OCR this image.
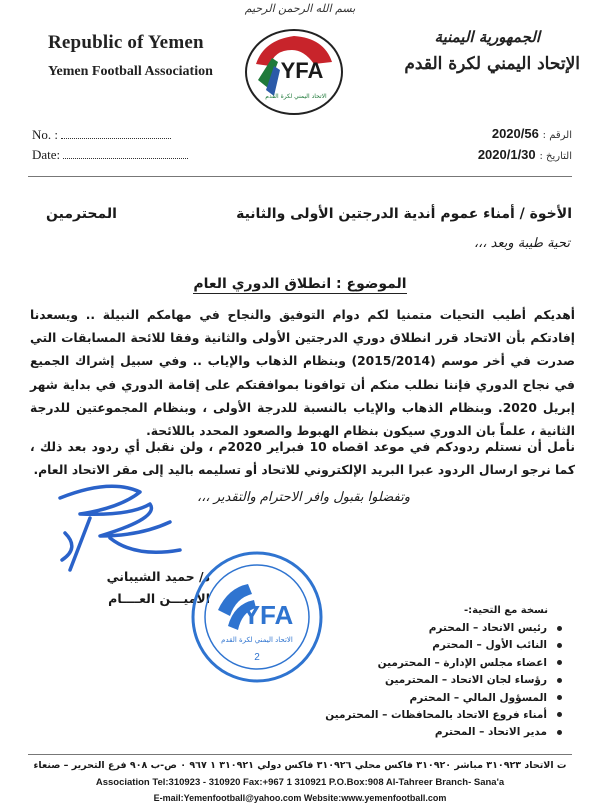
بسم الله الرحمن الرحيم
Republic of Yemen
Yemen Football Association
الجمهورية اليمنية
الإتحاد اليمني لكرة القدم
YFA
الاتحاد اليمني لكرة القدم
No. :
Date:
الرقم : 2020/56
التاريخ : 2020/1/30
الأخوة / أمناء عموم أندية الدرجتين الأولى والثانية
المحترمين
تحية طيبة وبعد ،،،
الموضوع : انطلاق الدوري العام
أهديكم أطيب التحيات متمنيا لكم دوام التوفيق والنجاح في مهامكم النبيلة .. ويسعدنا إفادتكم بأن الاتحاد قرر انطلاق دوري الدرجتين الأولى والثانية وفقا للائحة المسابقات التي صدرت في أخر موسم (2015/2014) وبنظام الذهاب والإياب .. وفي سبيل إشراك الجميع في نجاح الدوري فإننا نطلب منكم أن توافونا بموافقتكم على إقامة الدوري في بداية شهر إبريل 2020. وبنظام الذهاب والإياب بالنسبة للدرجة الأولى ، وبنظام المجموعتين للدرجة الثانية ، علماً بان الدوري سيكون بنظام الهبوط والصعود المحدد باللائحة.
نأمل أن نستلم ردودكم في موعد اقصاه 10 فبراير 2020م ، ولن نقبل أي ردود بعد ذلك ، كما نرجو ارسال الردود عبرا البريد الإلكتروني للاتحاد أو تسليمه باليد إلى مقر الاتحاد العام.
وتفضلوا بقبول وافر الاحترام والتقدير ،،،
د/ حميد الشيباني
الأميـــن العــــام
YFA
الاتحاد اليمني لكرة القدم
2
نسخة مع التحية:-
رئيس الاتحاد – المحترم
النائب الأول – المحترم
اعضاء مجلس الإدارة – المحترمين
رؤساء لجان الاتحاد – المحترمين
المسؤول المالي – المحترم
أمناء فروع الاتحاد بالمحافظات – المحترمين
مدير الاتحاد – المحترم
ت الاتحاد ٣١٠٩٢٣ مباشر ٣١٠٩٢٠ فاكس محلي ٣١٠٩٢٦ فاكس دولي ٣١٠٩٢١ ١ ٩٦٧ ٠ ص-ب ٩٠٨ فرع التحرير – صنعاء
Association Tel:310923 - 310920 Fax:+967 1 310921 P.O.Box:908 Al-Tahreer Branch- Sana'a
E-mail:Yemenfootball@yahoo.com Website:www.yemenfootball.com
